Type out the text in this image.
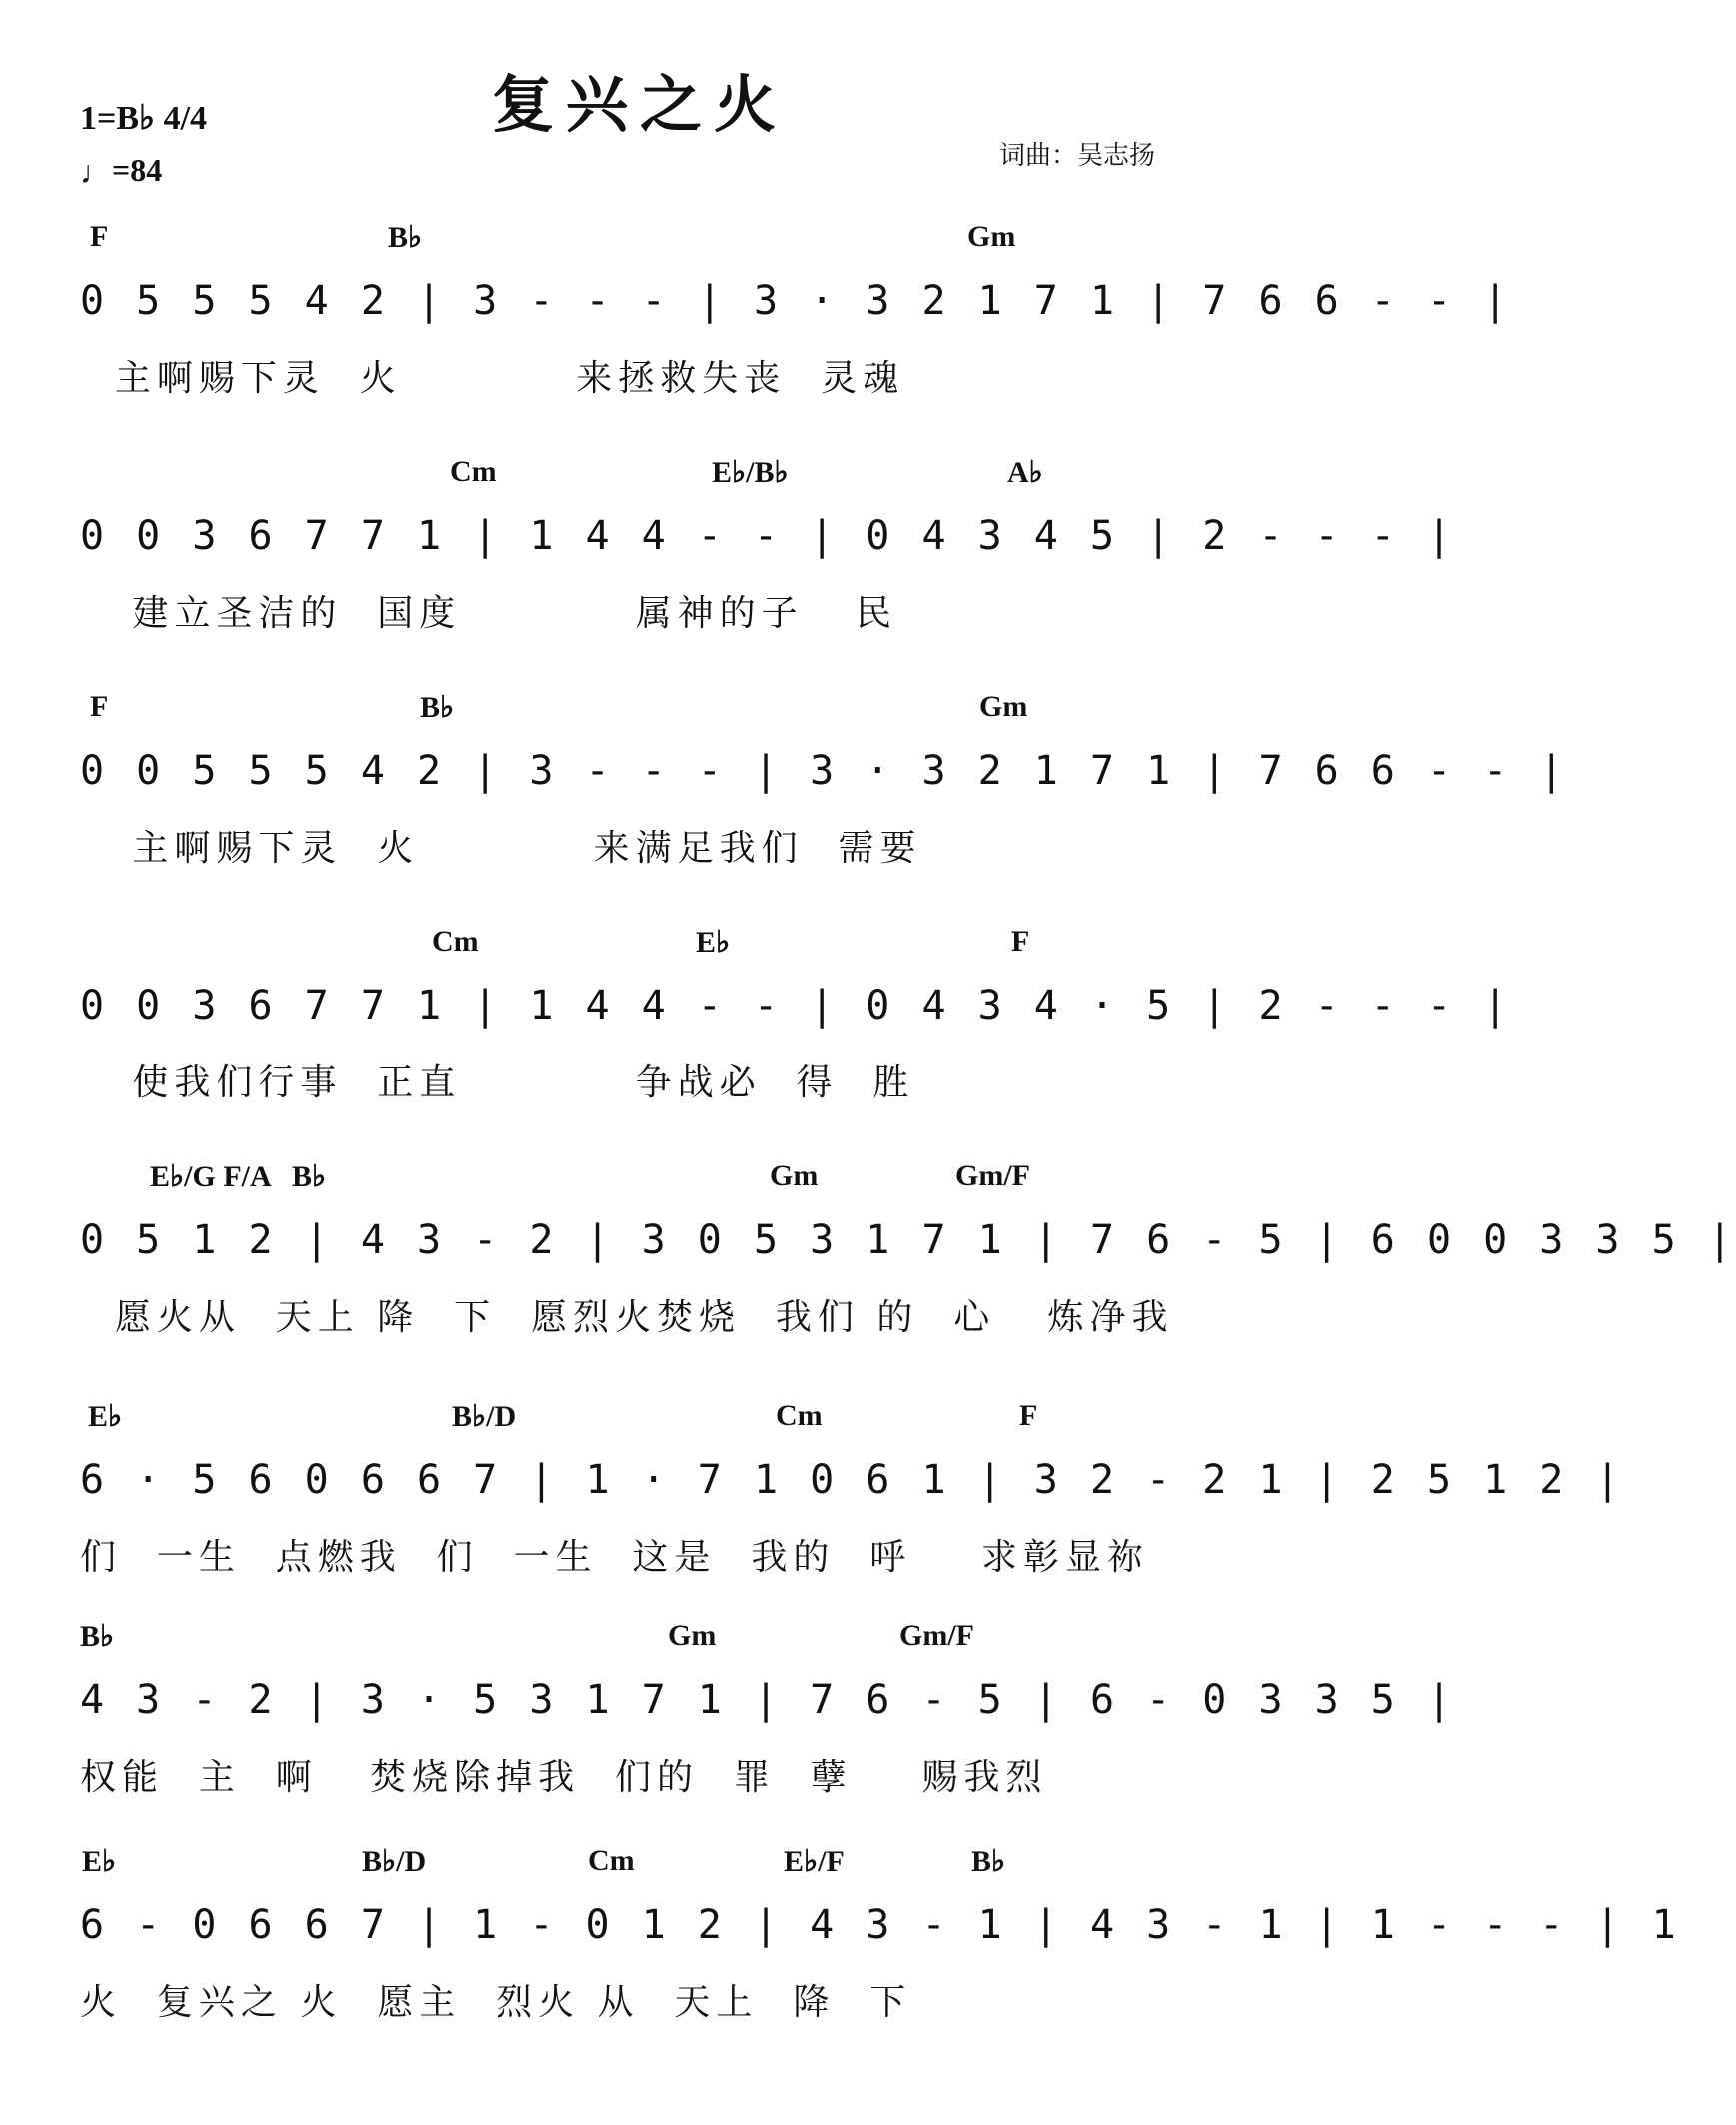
复兴之火
1=B♭ 4/4
♩=84	词曲：吴志扬
F	B♭	Gm
0 5 5 5 4 2 | 3 - - - | 3 · 3 2 1 7 1 | 7 6 6 - - |
主啊赐下灵  火          来拯救失丧  灵魂
Cm	E♭/B♭	A♭
0 0 3 6 7 7 1 | 1 4 4 - - | 0 4 3 4 5 | 2 - - - |
建立圣洁的  国度          属神的子   民
F	B♭	Gm
0 0 5 5 5 4 2 | 3 - - - | 3 · 3 2 1 7 1 | 7 6 6 - - |
主啊赐下灵  火          来满足我们  需要
Cm	E♭	F
0 0 3 6 7 7 1 | 1 4 4 - - | 0 4 3 4 · 5 | 2 - - - |
使我们行事  正直          争战必  得  胜
E♭/G F/A B♭	Gm	Gm/F
0 5 1 2 | 4 3 - 2 | 3 0 5 3 1 7 1 | 7 6 - 5 | 6 0 0 3 3 5 |
愿火从  天上 降  下  愿烈火焚烧  我们 的  心   炼净我
E♭	B♭/D	Cm	F
6 · 5 6 0 6 6 7 | 1 · 7 1 0 6 1 | 3 2 - 2 1 | 2 5 1 2 |
们  一生  点燃我  们  一生  这是  我的  呼    求彰显祢
B♭	Gm	Gm/F
4 3 - 2 | 3 · 5 3 1 7 1 | 7 6 - 5 | 6 - 0 3 3 5 |
权能  主  啊   焚烧除掉我  们的  罪  孽    赐我烈
E♭	B♭/D	Cm	E♭/F	B♭
6 - 0 6 6 7 | 1 - 0 1 2 | 4 3 - 1 | 4 3 - 1 | 1 - - - | 1
火  复兴之 火  愿主  烈火 从  天上  降  下
